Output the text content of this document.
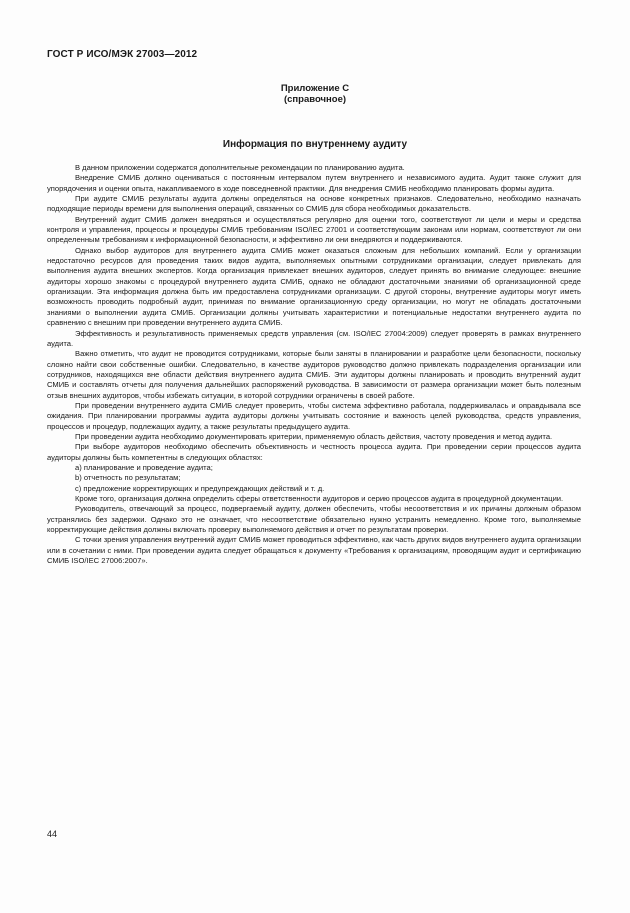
ГОСТ Р ИСО/МЭК 27003—2012
Приложение С
(справочное)
Информация по внутреннему аудиту

В данном приложении содержатся дополнительные рекомендации по планированию аудита.

Внедрение СМИБ должно оцениваться с постоянным интервалом путем внутреннего и независимого аудита. Аудит также служит для упорядочения и оценки опыта, накапливаемого в ходе повседневной практики. Для внедрения СМИБ необходимо планировать формы аудита.

При аудите СМИБ результаты аудита должны определяться на основе конкретных признаков. Следовательно, необходимо назначать подходящие периоды времени для выполнения операций, связанных со СМИБ для сбора необходимых доказательств.

Внутренний аудит СМИБ должен внедряться и осуществляться регулярно для оценки того, соответствуют ли цели и меры и средства контроля и управления, процессы и процедуры СМИБ требованиям ISO/IEC 27001 и соответствующим законам или нормам, соответствуют ли они определенным требованиям к информационной безопасности, и эффективно ли они внедряются и поддерживаются.

Однако выбор аудиторов для внутреннего аудита СМИБ может оказаться сложным для небольших компаний. Если у организации недостаточно ресурсов для проведения таких видов аудита, выполняемых опытными сотрудниками организации, следует привлекать для выполнения аудита внешних экспертов. Когда организация привлекает внешних аудиторов, следует принять во внимание следующее: внешние аудиторы хорошо знакомы с процедурой внутреннего аудита СМИБ, однако не обладают достаточными знаниями об организационной среде организации. Эта информация должна быть им предоставлена сотрудниками организации. С другой стороны, внутренние аудиторы могут иметь возможность проводить подробный аудит, принимая по внимание организационную среду организации, но могут не обладать достаточными знаниями о выполнении аудита СМИБ. Организации должны учитывать характеристики и потенциальные недостатки внутреннего аудита по сравнению с внешним при проведении внутреннего аудита СМИБ.

Эффективность и результативность применяемых средств управления (см. ISO/IEC 27004:2009) следует проверять в рамках внутреннего аудита.

Важно отметить, что аудит не проводится сотрудниками, которые были заняты в планировании и разработке цели безопасности, поскольку сложно найти свои собственные ошибки. Следовательно, в качестве аудиторов руководство должно привлекать подразделения организации или сотрудников, находящихся вне области действия внутреннего аудита СМИБ. Эти аудиторы должны планировать и проводить внутренний аудит СМИБ и составлять отчеты для получения дальнейших распоряжений руководства. В зависимости от размера организации может быть полезным отзыв внешних аудиторов, чтобы избежать ситуации, в которой сотрудники ограничены в своей работе.

При проведении внутреннего аудита СМИБ следует проверить, чтобы система эффективно работала, поддерживалась и оправдывала все ожидания. При планировании программы аудита аудиторы должны учитывать состояние и важность целей руководства, средств управления, процессов и процедур, подлежащих аудиту, а также результаты предыдущего аудита.

При проведении аудита необходимо документировать критерии, применяемую область действия, частоту проведения и метод аудита.

При выборе аудиторов необходимо обеспечить объективность и честность процесса аудита. При проведении серии процессов аудита аудиторы должны быть компетентны в следующих областях:

а) планирование и проведение аудита;
b) отчетность по результатам;
с) предложение корректирующих и предупреждающих действий и т. д.

Кроме того, организация должна определить сферы ответственности аудиторов и серию процессов аудита в процедурной документации.

Руководитель, отвечающий за процесс, подвергаемый аудиту, должен обеспечить, чтобы несоответствия и их причины должным образом устранялись без задержки. Однако это не означает, что несоответствие обязательно нужно устранить немедленно. Кроме того, выполняемые корректирующие действия должны включать проверку выполняемого действия и отчет по результатам проверки.

С точки зрения управления внутренний аудит СМИБ может проводиться эффективно, как часть других видов внутреннего аудита организации или в сочетании с ними. При проведении аудита следует обращаться к документу «Требования к организациям, проводящим аудит и сертификацию СМИБ ISO/IEC 27006:2007».

44
